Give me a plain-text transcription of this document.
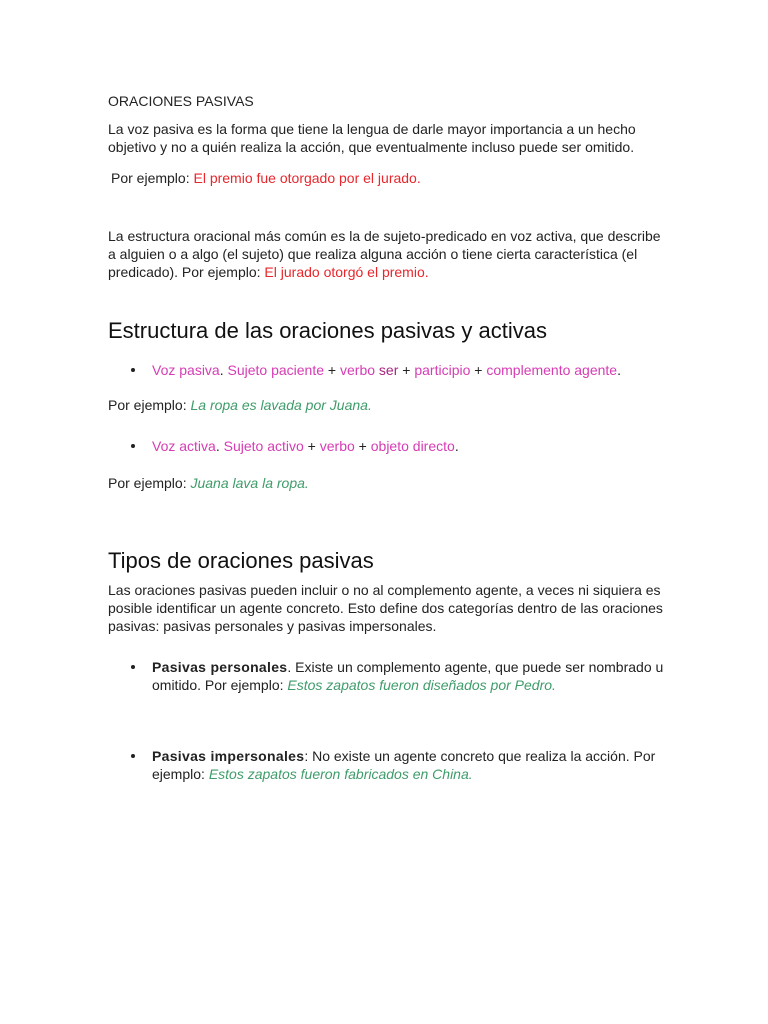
ORACIONES PASIVAS

La voz pasiva es la forma que tiene la lengua de darle mayor importancia a un hecho objetivo y no a quién realiza la acción, que eventualmente incluso puede ser omitido.

Por ejemplo: El premio fue otorgado por el jurado.

La estructura oracional más común es la de sujeto-predicado en voz activa, que describe a alguien o a algo (el sujeto) que realiza alguna acción o tiene cierta característica (el predicado). Por ejemplo: El jurado otorgó el premio.

Estructura de las oraciones pasivas y activas
Voz pasiva. Sujeto paciente + verbo ser + participio + complemento agente.

Por ejemplo: La ropa es lavada por Juana.

Voz activa. Sujeto activo + verbo + objeto directo.

Por ejemplo: Juana lava la ropa.

Tipos de oraciones pasivas

Las oraciones pasivas pueden incluir o no al complemento agente, a veces ni siquiera es posible identificar un agente concreto. Esto define dos categorías dentro de las oraciones pasivas: pasivas personales y pasivas impersonales.

Pasivas personales. Existe un complemento agente, que puede ser nombrado u omitido. Por ejemplo: Estos zapatos fueron diseñados por Pedro.
Pasivas impersonales: No existe un agente concreto que realiza la acción. Por ejemplo: Estos zapatos fueron fabricados en China.
